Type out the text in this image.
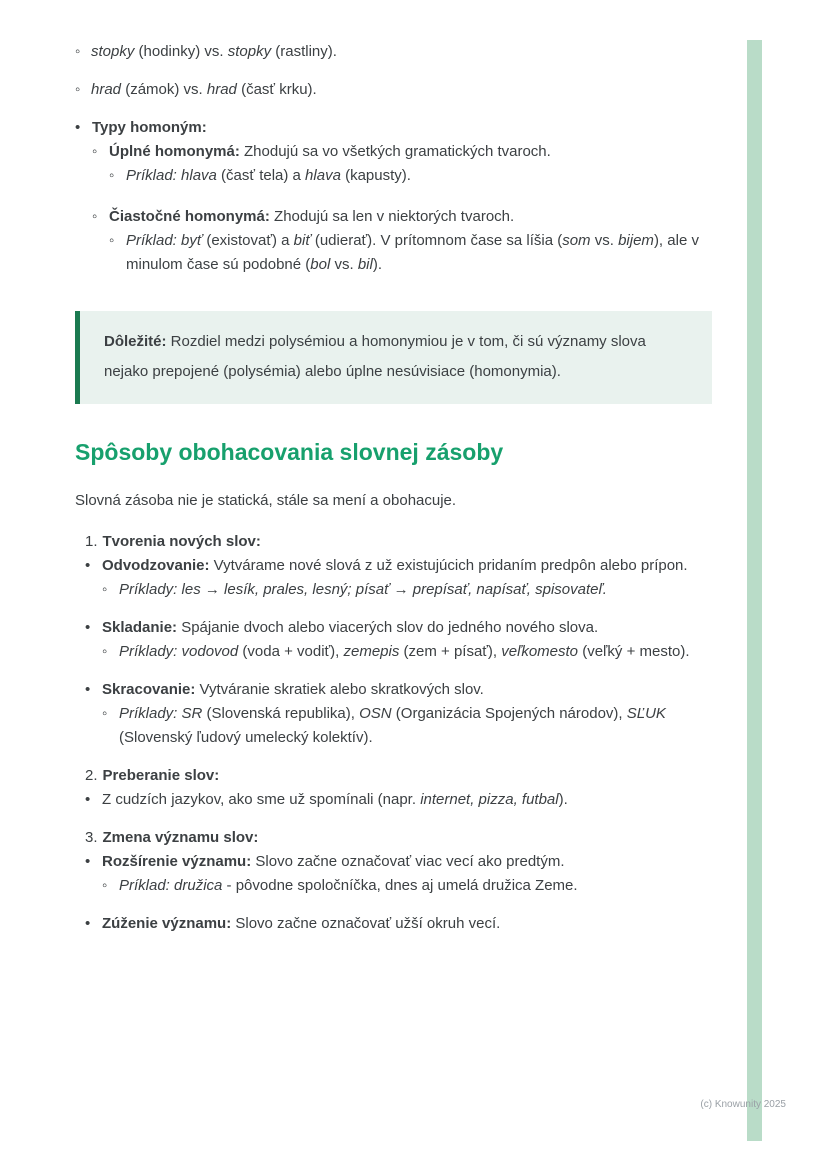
◦ stopky (hodinky) vs. stopky (rastliny).
◦ hrad (zámok) vs. hrad (časť krku).
• Typy homoným:
◦ Úplné homonymá: Zhodujú sa vo všetkých gramatických tvaroch.
◦ Príklad: hlava (časť tela) a hlava (kapusty).
◦ Čiastočné homonymá: Zhodujú sa len v niektorých tvaroch.
◦ Príklad: byť (existovať) a biť (udierať). V prítomnom čase sa líšia (som vs. bijem), ale v minulom čase sú podobné (bol vs. bil).

Dôležité: Rozdiel medzi polysémiou a homonymiou je v tom, či sú významy slova nejako prepojené (polysémia) alebo úplne nesúvisiace (homonymia).

Spôsoby obohacovania slovnej zásoby

Slovná zásoba nie je statická, stále sa mení a obohacuje.

1. Tvorenia nových slov:
• Odvodzovanie: Vytvárame nové slová z už existujúcich pridaním predpôn alebo prípon.
◦ Príklady: les → lesík, prales, lesný; písať → prepísať, napísať, spisovateľ.
• Skladanie: Spájanie dvoch alebo viacerých slov do jedného nového slova.
◦ Príklady: vodovod (voda + vodiť), zemepis (zem + písať), veľkomesto (veľký + mesto).
• Skracovanie: Vytváranie skratiek alebo skratkových slov.
◦ Príklady: SR (Slovenská republika), OSN (Organizácia Spojených národov), SĽUK (Slovenský ľudový umelecký kolektív).
2. Preberanie slov:
• Z cudzích jazykov, ako sme už spomínali (napr. internet, pizza, futbal).
3. Zmena významu slov:
• Rozšírenie významu: Slovo začne označovať viac vecí ako predtým.
◦ Príklad: družica - pôvodne spoločníčka, dnes aj umelá družica Zeme.
• Zúženie významu: Slovo začne označovať užší okruh vecí.
(c) Knowunity 2025
